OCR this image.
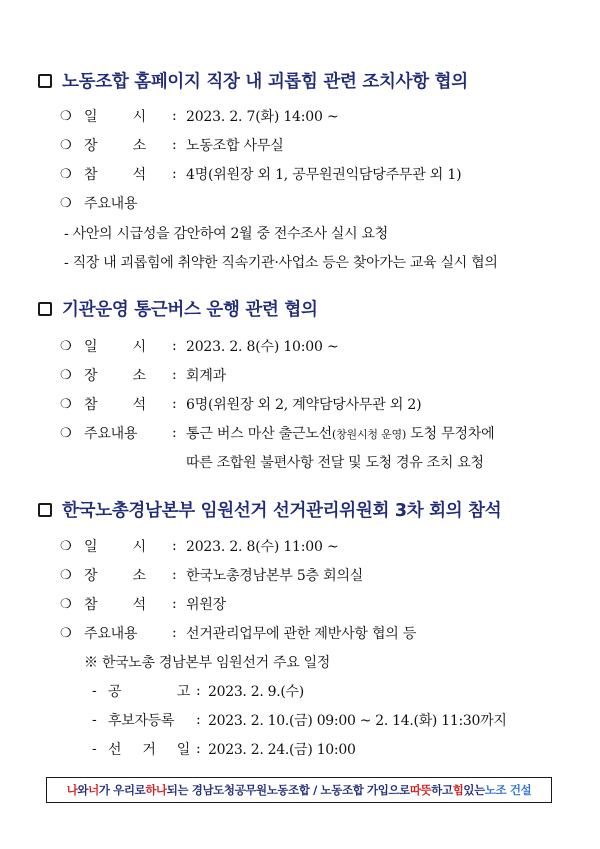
노동조합 홈페이지 직장 내 괴롭힘 관련 조치사항 협의
❍ 일	시 : 2023. 2. 7(화) 14:00 ~
❍ 장	소 : 노동조합 사무실
❍ 참	석 : 4명(위원장 외 1, 공무원권익담당주무관 외 1)
❍ 주요내용
- 사안의 시급성을 감안하여 2월 중 전수조사 실시 요청
- 직장 내 괴롭힘에 취약한 직속기관·사업소 등은 찾아가는 교육 실시 협의
기관운영 통근버스 운행 관련 협의
❍ 일	시 : 2023. 2. 8(수) 10:00 ~
❍ 장	소 : 회계과
❍ 참	석 : 6명(위원장 외 2, 계약담당사무관 외 2)
❍ 주요내용	: 통근 버스 마산 출근노선(창원시청 운영) 도청 무정차에
따른 조합원 불편사항 전달 및 도청 경유 조치 요청
한국노총경남본부 임원선거 선거관리위원회 3차 회의 참석
❍ 일	시 : 2023. 2. 8(수) 11:00 ~
❍ 장	소 : 한국노총경남본부 5층 회의실
❍ 참	석 : 위원장
❍ 주요내용	: 선거관리업무에 관한 제반사항 협의 등
※ 한국노총 경남본부 임원선거 주요 일정
- 공	고 : 2023. 2. 9.(수)
- 후보자등록	: 2023. 2. 10.(금) 09:00 ~ 2. 14.(화) 11:30까지
- 선 거 일 : 2023. 2. 24.(금) 10:00
나 와 너 가 우리로 하나 되는 경남도청공무원노동조합 / 노동조합 가입으로 따뜻 하고 힘 있는 노조 건설
